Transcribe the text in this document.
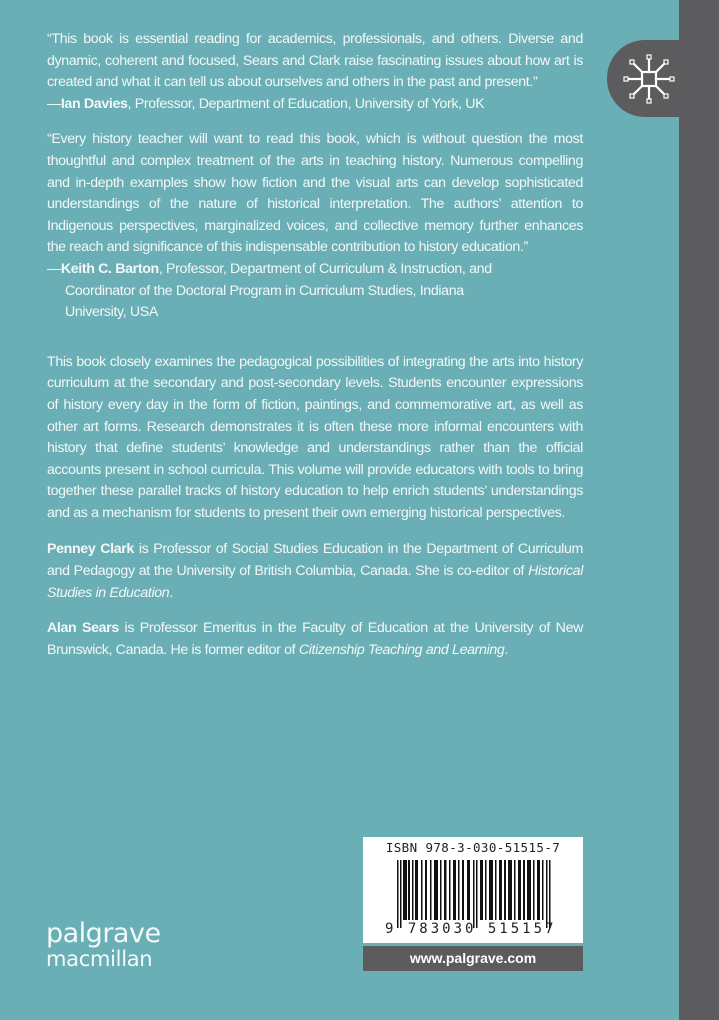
“This book is essential reading for academics, professionals, and others. Diverse and dynamic, coherent and focused, Sears and Clark raise fascinating issues about how art is created and what it can tell us about ourselves and others in the past and present.”

—Ian Davies, Professor, Department of Education, University of York, UK

“Every history teacher will want to read this book, which is without question the most thoughtful and complex treatment of the arts in teaching history. Numerous compelling and in-depth examples show how fiction and the visual arts can develop sophisticated understandings of the nature of historical interpretation. The authors’ attention to Indigenous perspectives, marginalized voices, and collective memory further enhances the reach and significance of this indispensable contribution to history education.”

—Keith C. Barton, Professor, Department of Curriculum & Instruction, and
Coordinator of the Doctoral Program in Curriculum Studies, Indiana University, USA

This book closely examines the pedagogical possibilities of integrating the arts into history curriculum at the secondary and post-secondary levels. Students encounter expressions of history every day in the form of fiction, paintings, and commemorative art, as well as other art forms. Research demonstrates it is often these more informal encounters with history that define students’ knowledge and understandings rather than the official accounts present in school curricula. This volume will provide educators with tools to bring together these parallel tracks of history education to help enrich students’ understandings and as a mechanism for students to present their own emerging historical perspectives.

Penney Clark is Professor of Social Studies Education in the Department of Curriculum and Pedagogy at the University of British Columbia, Canada. She is co-editor of Historical Studies in Education.

Alan Sears is Professor Emeritus in the Faculty of Education at the University of New Brunswick, Canada. He is former editor of Citizenship Teaching and Learning.

ISBN 978-3-030-51515-7
9 783030 515157
www.palgrave.com
palgrave
macmillan
